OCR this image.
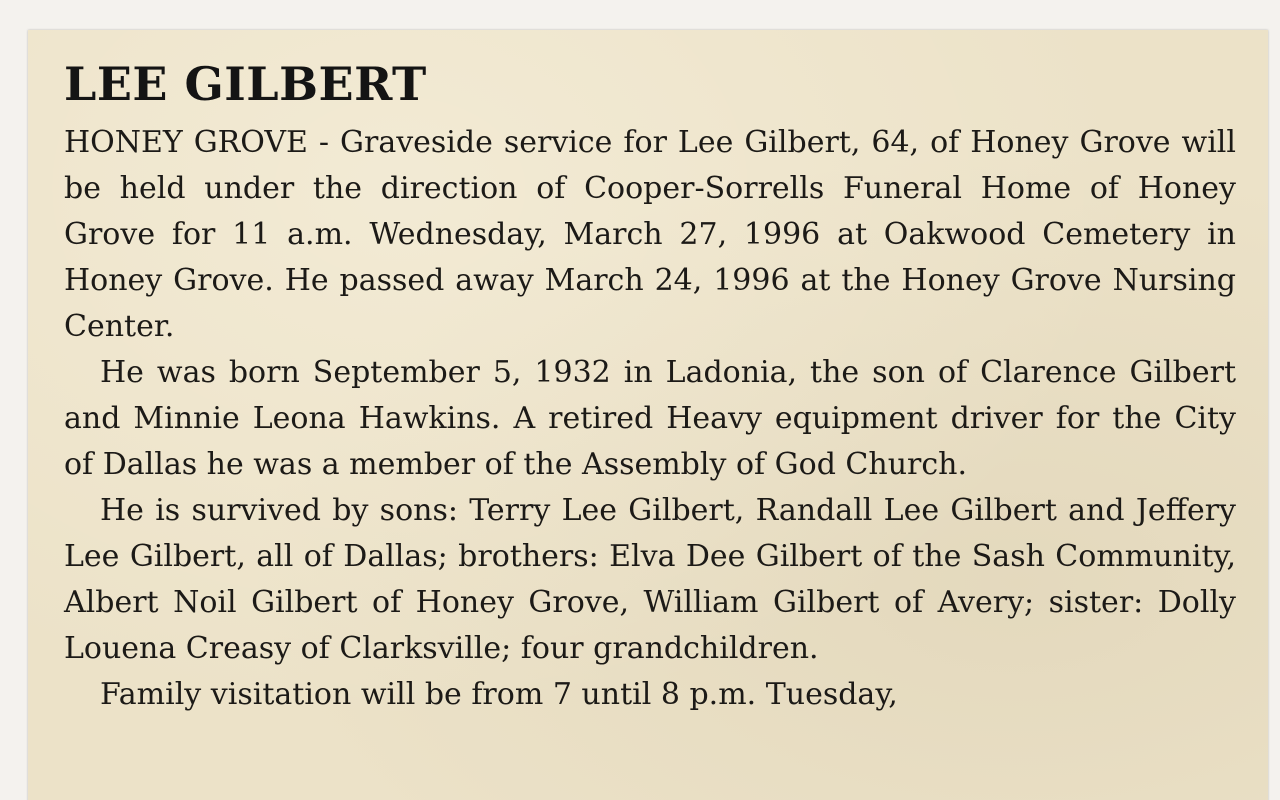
LEE GILBERT

HONEY GROVE - Graveside service for Lee Gilbert, 64, of Honey Grove will be held under the direction of Cooper-Sorrells Funeral Home of Honey Grove for 11 a.m. Wednesday, March 27, 1996 at Oakwood Cemetery in Honey Grove. He passed away March 24, 1996 at the Honey Grove Nursing Center.

He was born September 5, 1932 in Ladonia, the son of Clarence Gilbert and Minnie Leona Hawkins. A retired Heavy equipment driver for the City of Dallas he was a member of the Assembly of God Church.

He is survived by sons: Terry Lee Gilbert, Randall Lee Gilbert and Jeffery Lee Gilbert, all of Dallas; brothers: Elva Dee Gilbert of the Sash Community, Albert Noil Gilbert of Honey Grove, William Gilbert of Avery; sister: Dolly Louena Creasy of Clarksville; four grandchildren.

Family visitation will be from 7 until 8 p.m. Tuesday,
